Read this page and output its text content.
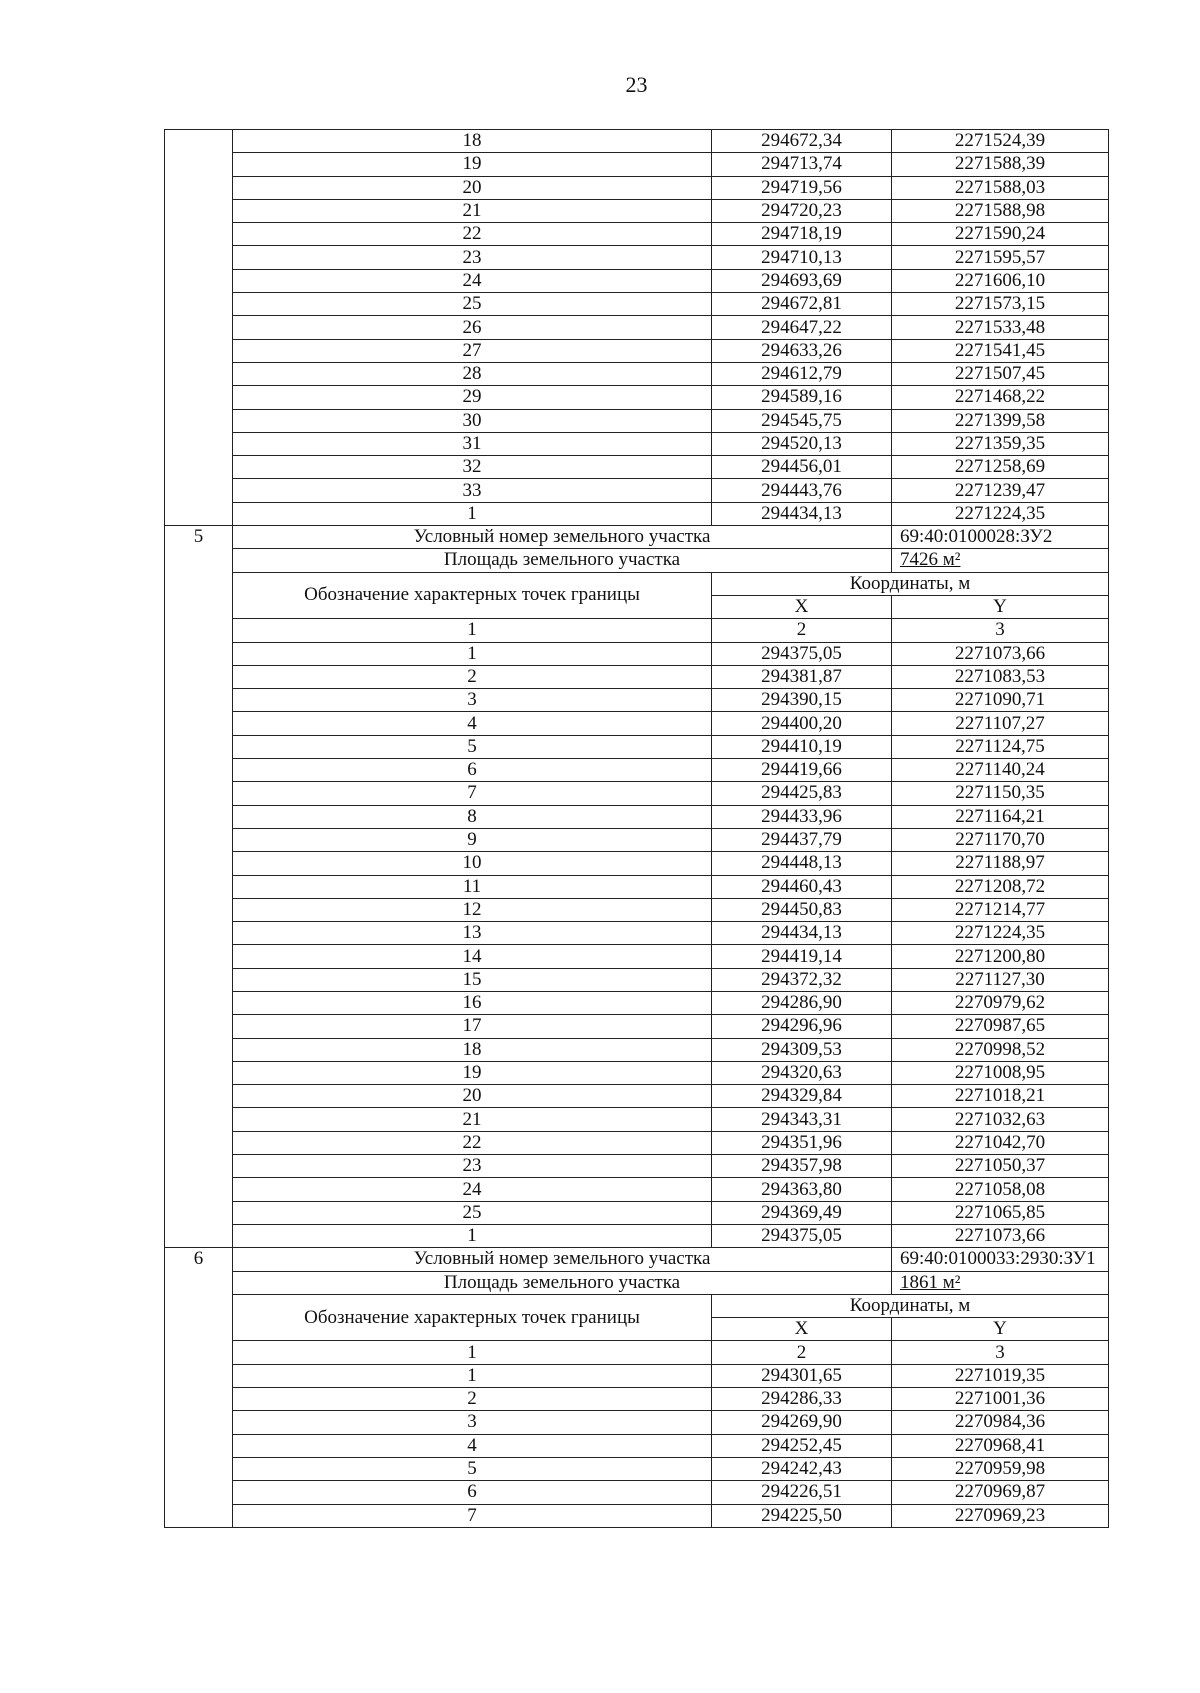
23
	18	294672,34	2271524,39
	19	294713,74	2271588,39
	20	294719,56	2271588,03
	21	294720,23	2271588,98
	22	294718,19	2271590,24
	23	294710,13	2271595,57
	24	294693,69	2271606,10
	25	294672,81	2271573,15
	26	294647,22	2271533,48
	27	294633,26	2271541,45
	28	294612,79	2271507,45
	29	294589,16	2271468,22
	30	294545,75	2271399,58
	31	294520,13	2271359,35
	32	294456,01	2271258,69
	33	294443,76	2271239,47
	1	294434,13	2271224,35
5	Условный номер земельного участка		69:40:0100028:ЗУ2
	Площадь земельного участка		7426 м²
	Обозначение характерных точек границы	Координаты, м	
		X	Y
	1	2	3
	1	294375,05	2271073,66
	2	294381,87	2271083,53
	3	294390,15	2271090,71
	4	294400,20	2271107,27
	5	294410,19	2271124,75
	6	294419,66	2271140,24
	7	294425,83	2271150,35
	8	294433,96	2271164,21
	9	294437,79	2271170,70
	10	294448,13	2271188,97
	11	294460,43	2271208,72
	12	294450,83	2271214,77
	13	294434,13	2271224,35
	14	294419,14	2271200,80
	15	294372,32	2271127,30
	16	294286,90	2270979,62
	17	294296,96	2270987,65
	18	294309,53	2270998,52
	19	294320,63	2271008,95
	20	294329,84	2271018,21
	21	294343,31	2271032,63
	22	294351,96	2271042,70
	23	294357,98	2271050,37
	24	294363,80	2271058,08
	25	294369,49	2271065,85
	1	294375,05	2271073,66
6	Условный номер земельного участка		69:40:0100033:2930:ЗУ1
	Площадь земельного участка		1861 м²
	Обозначение характерных точек границы	Координаты, м	
		X	Y
	1	2	3
	1	294301,65	2271019,35
	2	294286,33	2271001,36
	3	294269,90	2270984,36
	4	294252,45	2270968,41
	5	294242,43	2270959,98
	6	294226,51	2270969,87
	7	294225,50	2270969,23
